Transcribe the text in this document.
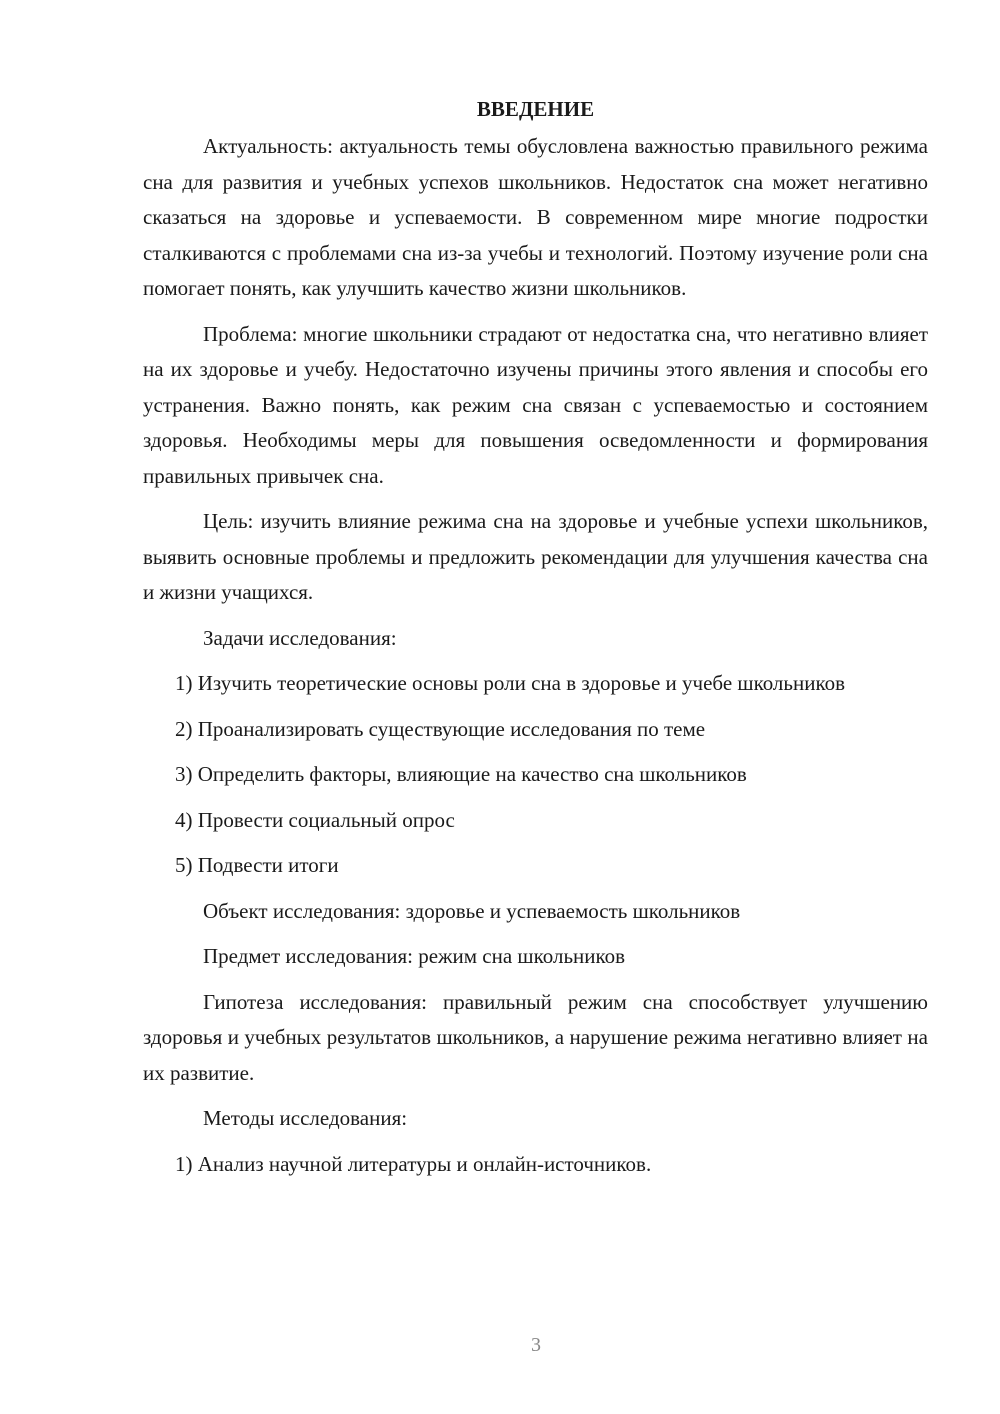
ВВЕДЕНИЕ
Актуальность: актуальность темы обусловлена важностью правильного режима сна для развития и учебных успехов школьников. Недостаток сна может негативно сказаться на здоровье и успеваемости. В современном мире многие подростки сталкиваются с проблемами сна из-за учебы и технологий. Поэтому изучение роли сна помогает понять, как улучшить качество жизни школьников.
Проблема: многие школьники страдают от недостатка сна, что негативно влияет на их здоровье и учебу. Недостаточно изучены причины этого явления и способы его устранения. Важно понять, как режим сна связан с успеваемостью и состоянием здоровья. Необходимы меры для повышения осведомленности и формирования правильных привычек сна.
Цель: изучить влияние режима сна на здоровье и учебные успехи школьников, выявить основные проблемы и предложить рекомендации для улучшения качества сна и жизни учащихся.
Задачи исследования:
1) Изучить теоретические основы роли сна в здоровье и учебе школьников
2) Проанализировать существующие исследования по теме
3) Определить факторы, влияющие на качество сна школьников
4) Провести социальный опрос
5) Подвести итоги
Объект исследования: здоровье и успеваемость школьников
Предмет исследования: режим сна школьников
Гипотеза исследования: правильный режим сна способствует улучшению здоровья и учебных результатов школьников, а нарушение режима негативно влияет на их развитие.
Методы исследования:
1) Анализ научной литературы и онлайн-источников.
3
